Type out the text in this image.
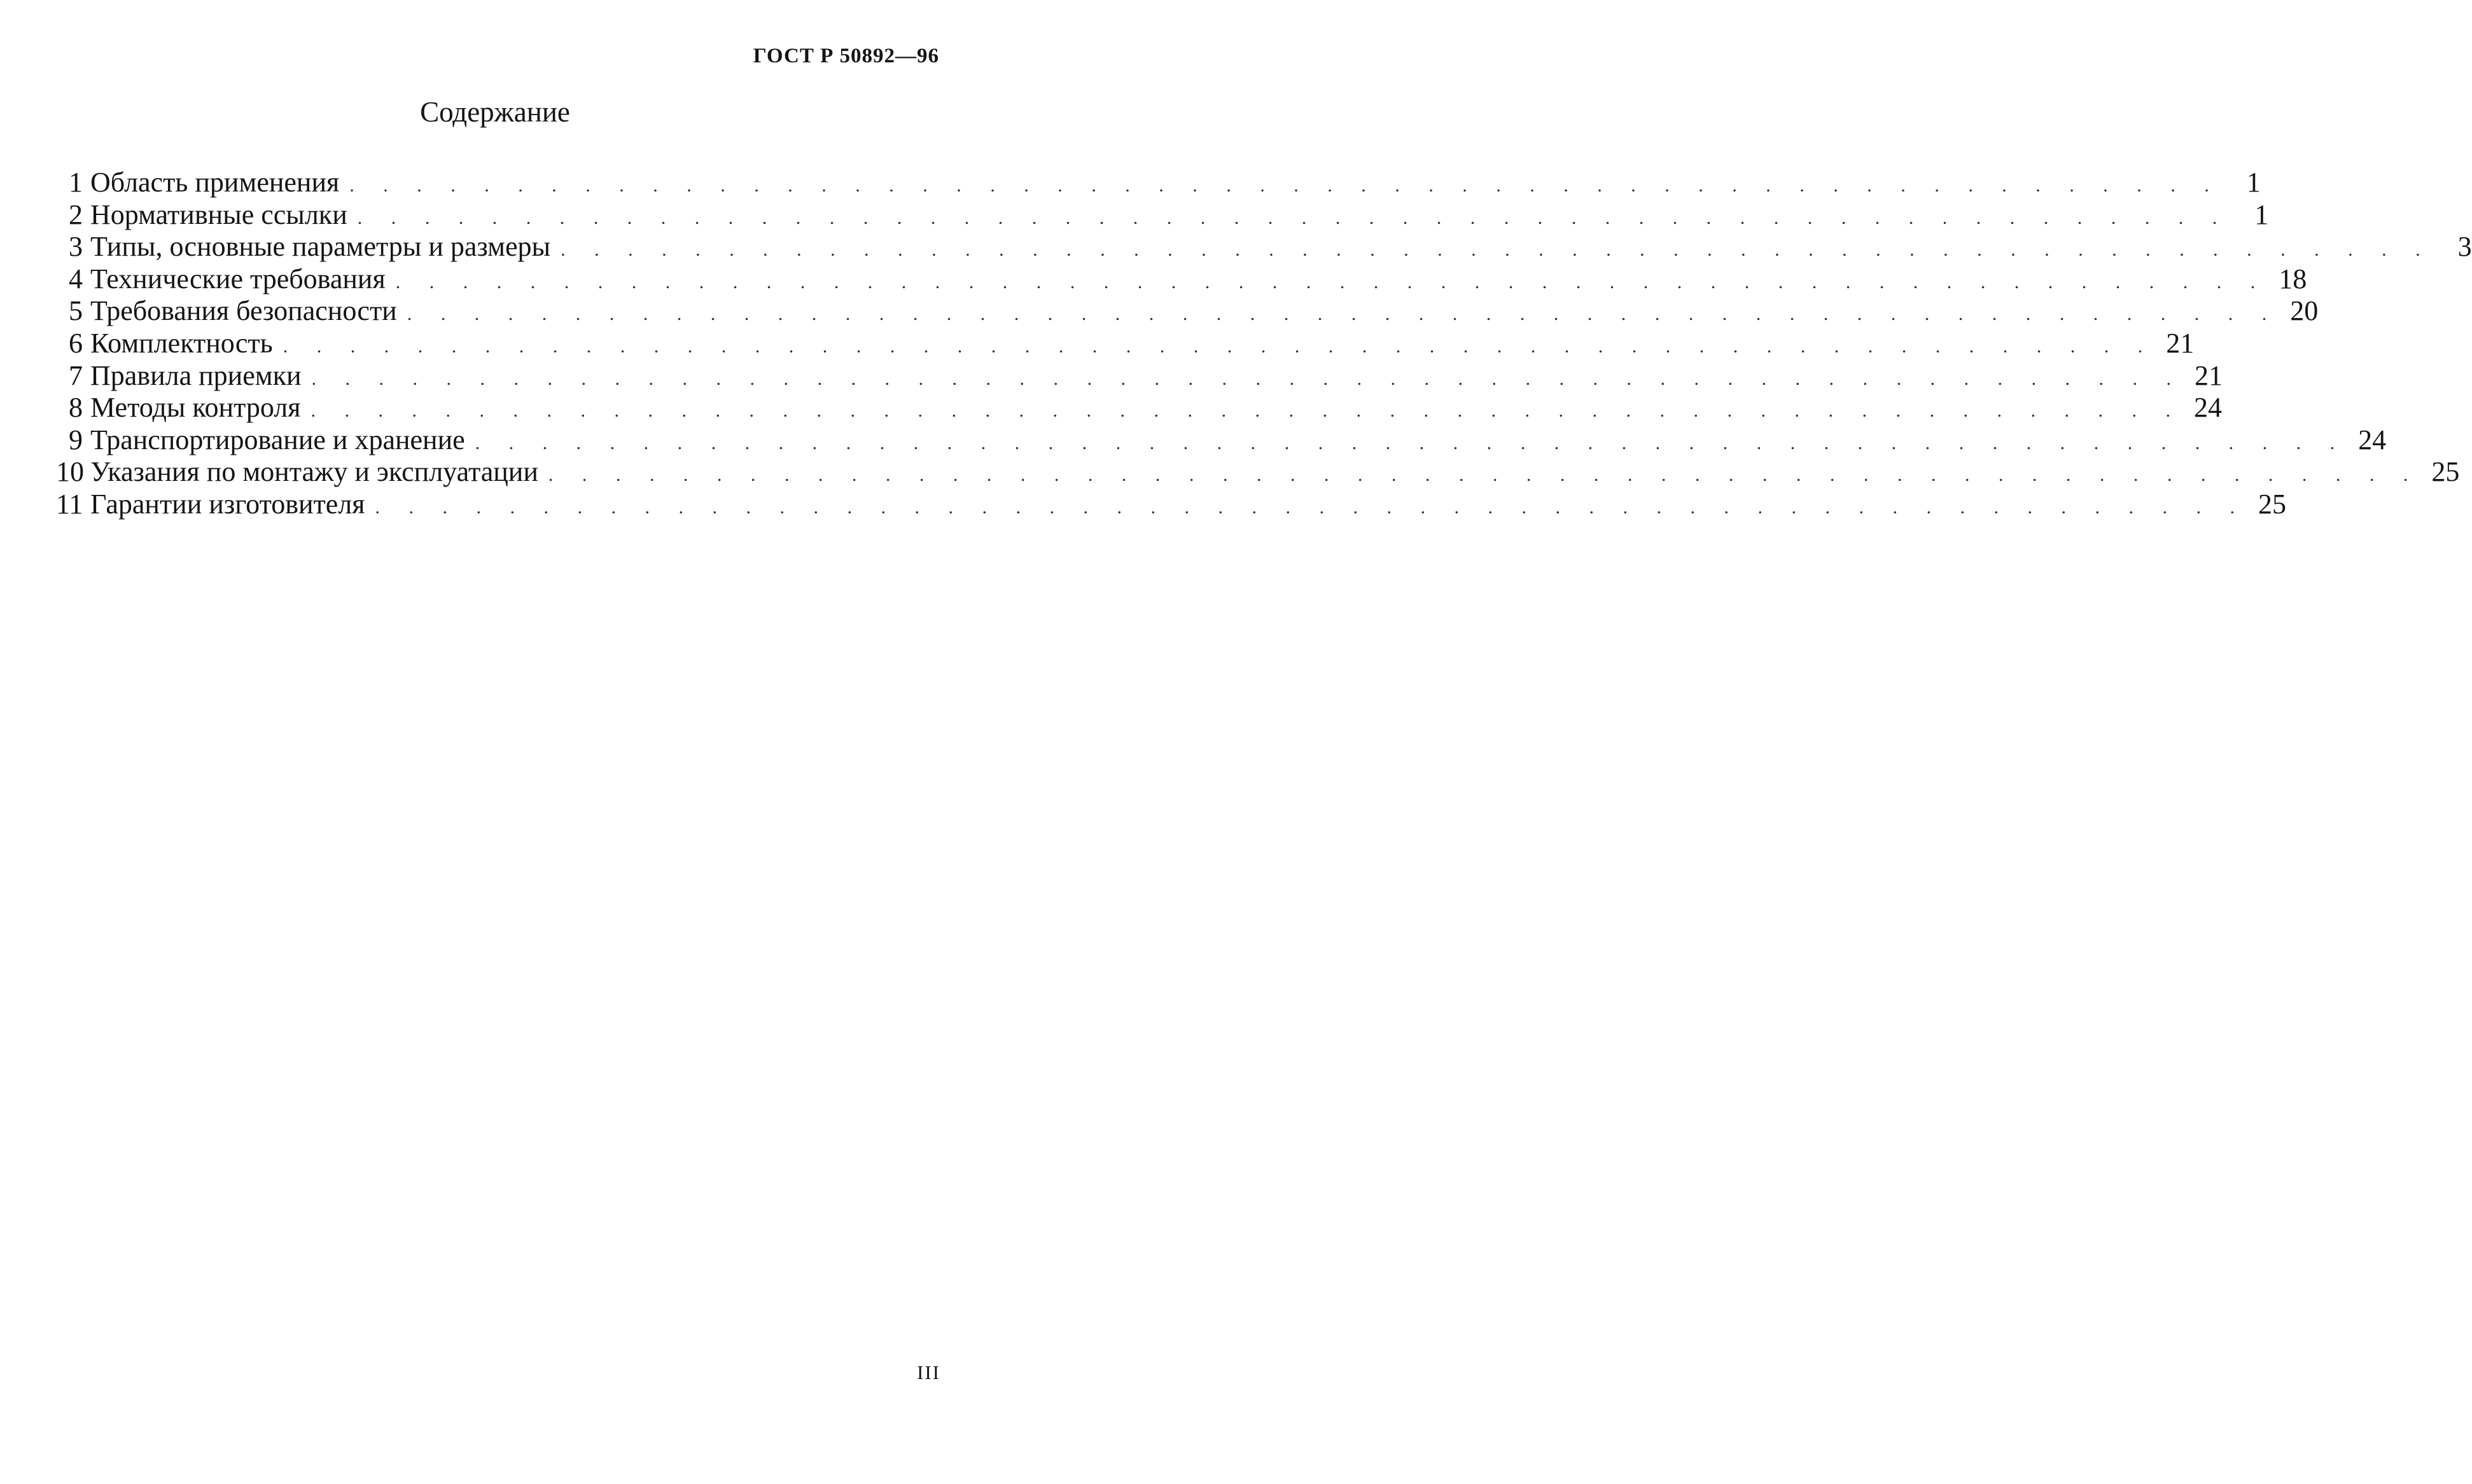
ГОСТ Р 50892—96
Содержание
1 Область применения . . . . . . . . . . . . . . . . . . . . . . . . . . . . . . . . . . . . . . . . . . . . . . . . . . . . . . . . 1
2 Нормативные ссылки . . . . . . . . . . . . . . . . . . . . . . . . . . . . . . . . . . . . . . . . . . . . . . . . . . . . . . . . 1
3 Типы, основные параметры и размеры . . . . . . . . . . . . . . . . . . . . . . . . . . . . . . . . . . . . . . . . . . . . . . . . . . . . . . . . 3
4 Технические требования . . . . . . . . . . . . . . . . . . . . . . . . . . . . . . . . . . . . . . . . . . . . . . . . . . . . . . . . 18
5 Требования безопасности . . . . . . . . . . . . . . . . . . . . . . . . . . . . . . . . . . . . . . . . . . . . . . . . . . . . . . . . 20
6 Комплектность . . . . . . . . . . . . . . . . . . . . . . . . . . . . . . . . . . . . . . . . . . . . . . . . . . . . . . . . 21
7 Правила приемки . . . . . . . . . . . . . . . . . . . . . . . . . . . . . . . . . . . . . . . . . . . . . . . . . . . . . . . . 21
8 Методы контроля . . . . . . . . . . . . . . . . . . . . . . . . . . . . . . . . . . . . . . . . . . . . . . . . . . . . . . . . 24
9 Транспортирование и хранение . . . . . . . . . . . . . . . . . . . . . . . . . . . . . . . . . . . . . . . . . . . . . . . . . . . . . . . . 24
10 Указания по монтажу и эксплуатации . . . . . . . . . . . . . . . . . . . . . . . . . . . . . . . . . . . . . . . . . . . . . . . . . . . . . . . . 25
11 Гарантии изготовителя . . . . . . . . . . . . . . . . . . . . . . . . . . . . . . . . . . . . . . . . . . . . . . . . . . . . . . . . 25
III
